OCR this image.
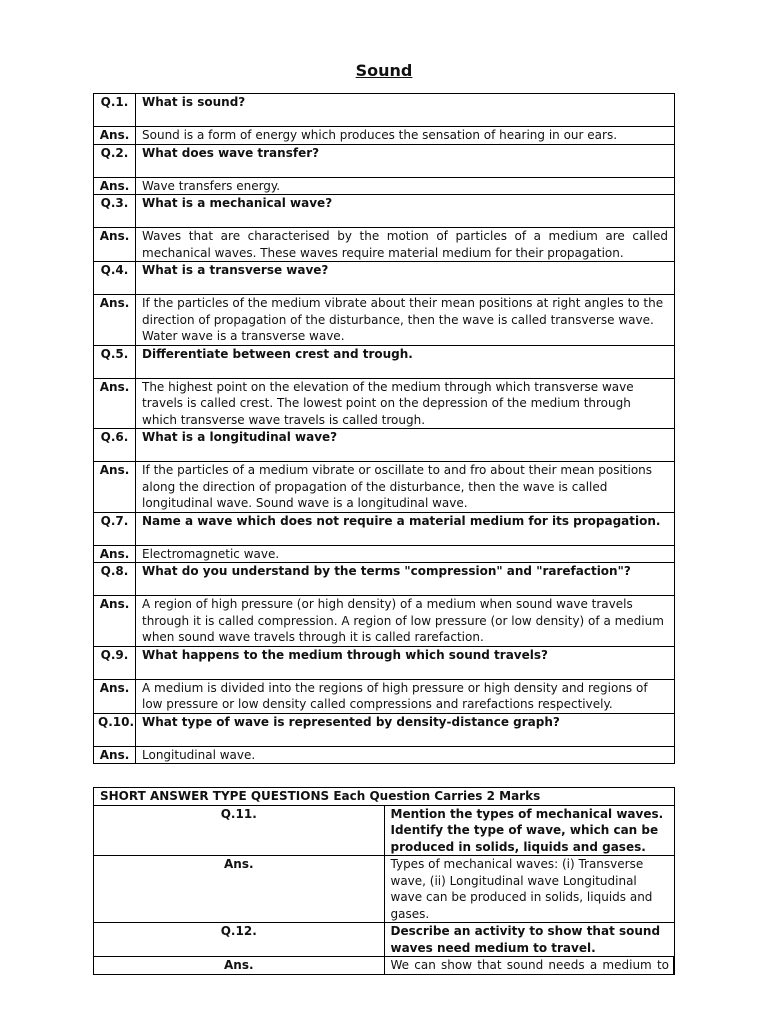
Sound
Q.1.	What is sound?
Ans.	Sound is a form of energy which produces the sensation of hearing in our ears.
Q.2.	What does wave transfer?
Ans.	Wave transfers energy.
Q.3.	What is a mechanical wave?
Ans.	Waves that are characterised by the motion of particles of a medium are called mechanical waves. These waves require material medium for their propagation.
Q.4.	What is a transverse wave?
Ans.	If the particles of the medium vibrate about their mean positions at right angles to the direction of propagation of the disturbance, then the wave is called transverse wave. Water wave is a transverse wave.
Q.5.	Differentiate between crest and trough.
Ans.	The highest point on the elevation of the medium through which transverse wave travels is called crest. The lowest point on the depression of the medium through which transverse wave travels is called trough.
Q.6.	What is a longitudinal wave?
Ans.	If the particles of a medium vibrate or oscillate to and fro about their mean positions along the direction of propagation of the disturbance, then the wave is called longitudinal wave. Sound wave is a longitudinal wave.
Q.7.	Name a wave which does not require a material medium for its propagation.
Ans.	Electromagnetic wave.
Q.8.	What do you understand by the terms "compression" and "rarefaction"?
Ans.	A region of high pressure (or high density) of a medium when sound wave travels through it is called compression. A region of low pressure (or low density) of a medium when sound wave travels through it is called rarefaction.
Q.9.	What happens to the medium through which sound travels?
Ans.	A medium is divided into the regions of high pressure or high density and regions of low pressure or low density called compressions and rarefactions respectively.
Q.10.	What type of wave is represented by density-distance graph?
Ans.	Longitudinal wave.
SHORT ANSWER TYPE QUESTIONS Each Question Carries 2 Marks	
Q.11.	Mention the types of mechanical waves. Identify the type of wave, which can be produced in solids, liquids and gases.
Ans.	Types of mechanical waves: (i) Transverse wave, (ii) Longitudinal wave Longitudinal wave can be produced in solids, liquids and gases.
Q.12.	Describe an activity to show that sound waves need medium to travel.
Ans.	We can show that sound needs a medium to
